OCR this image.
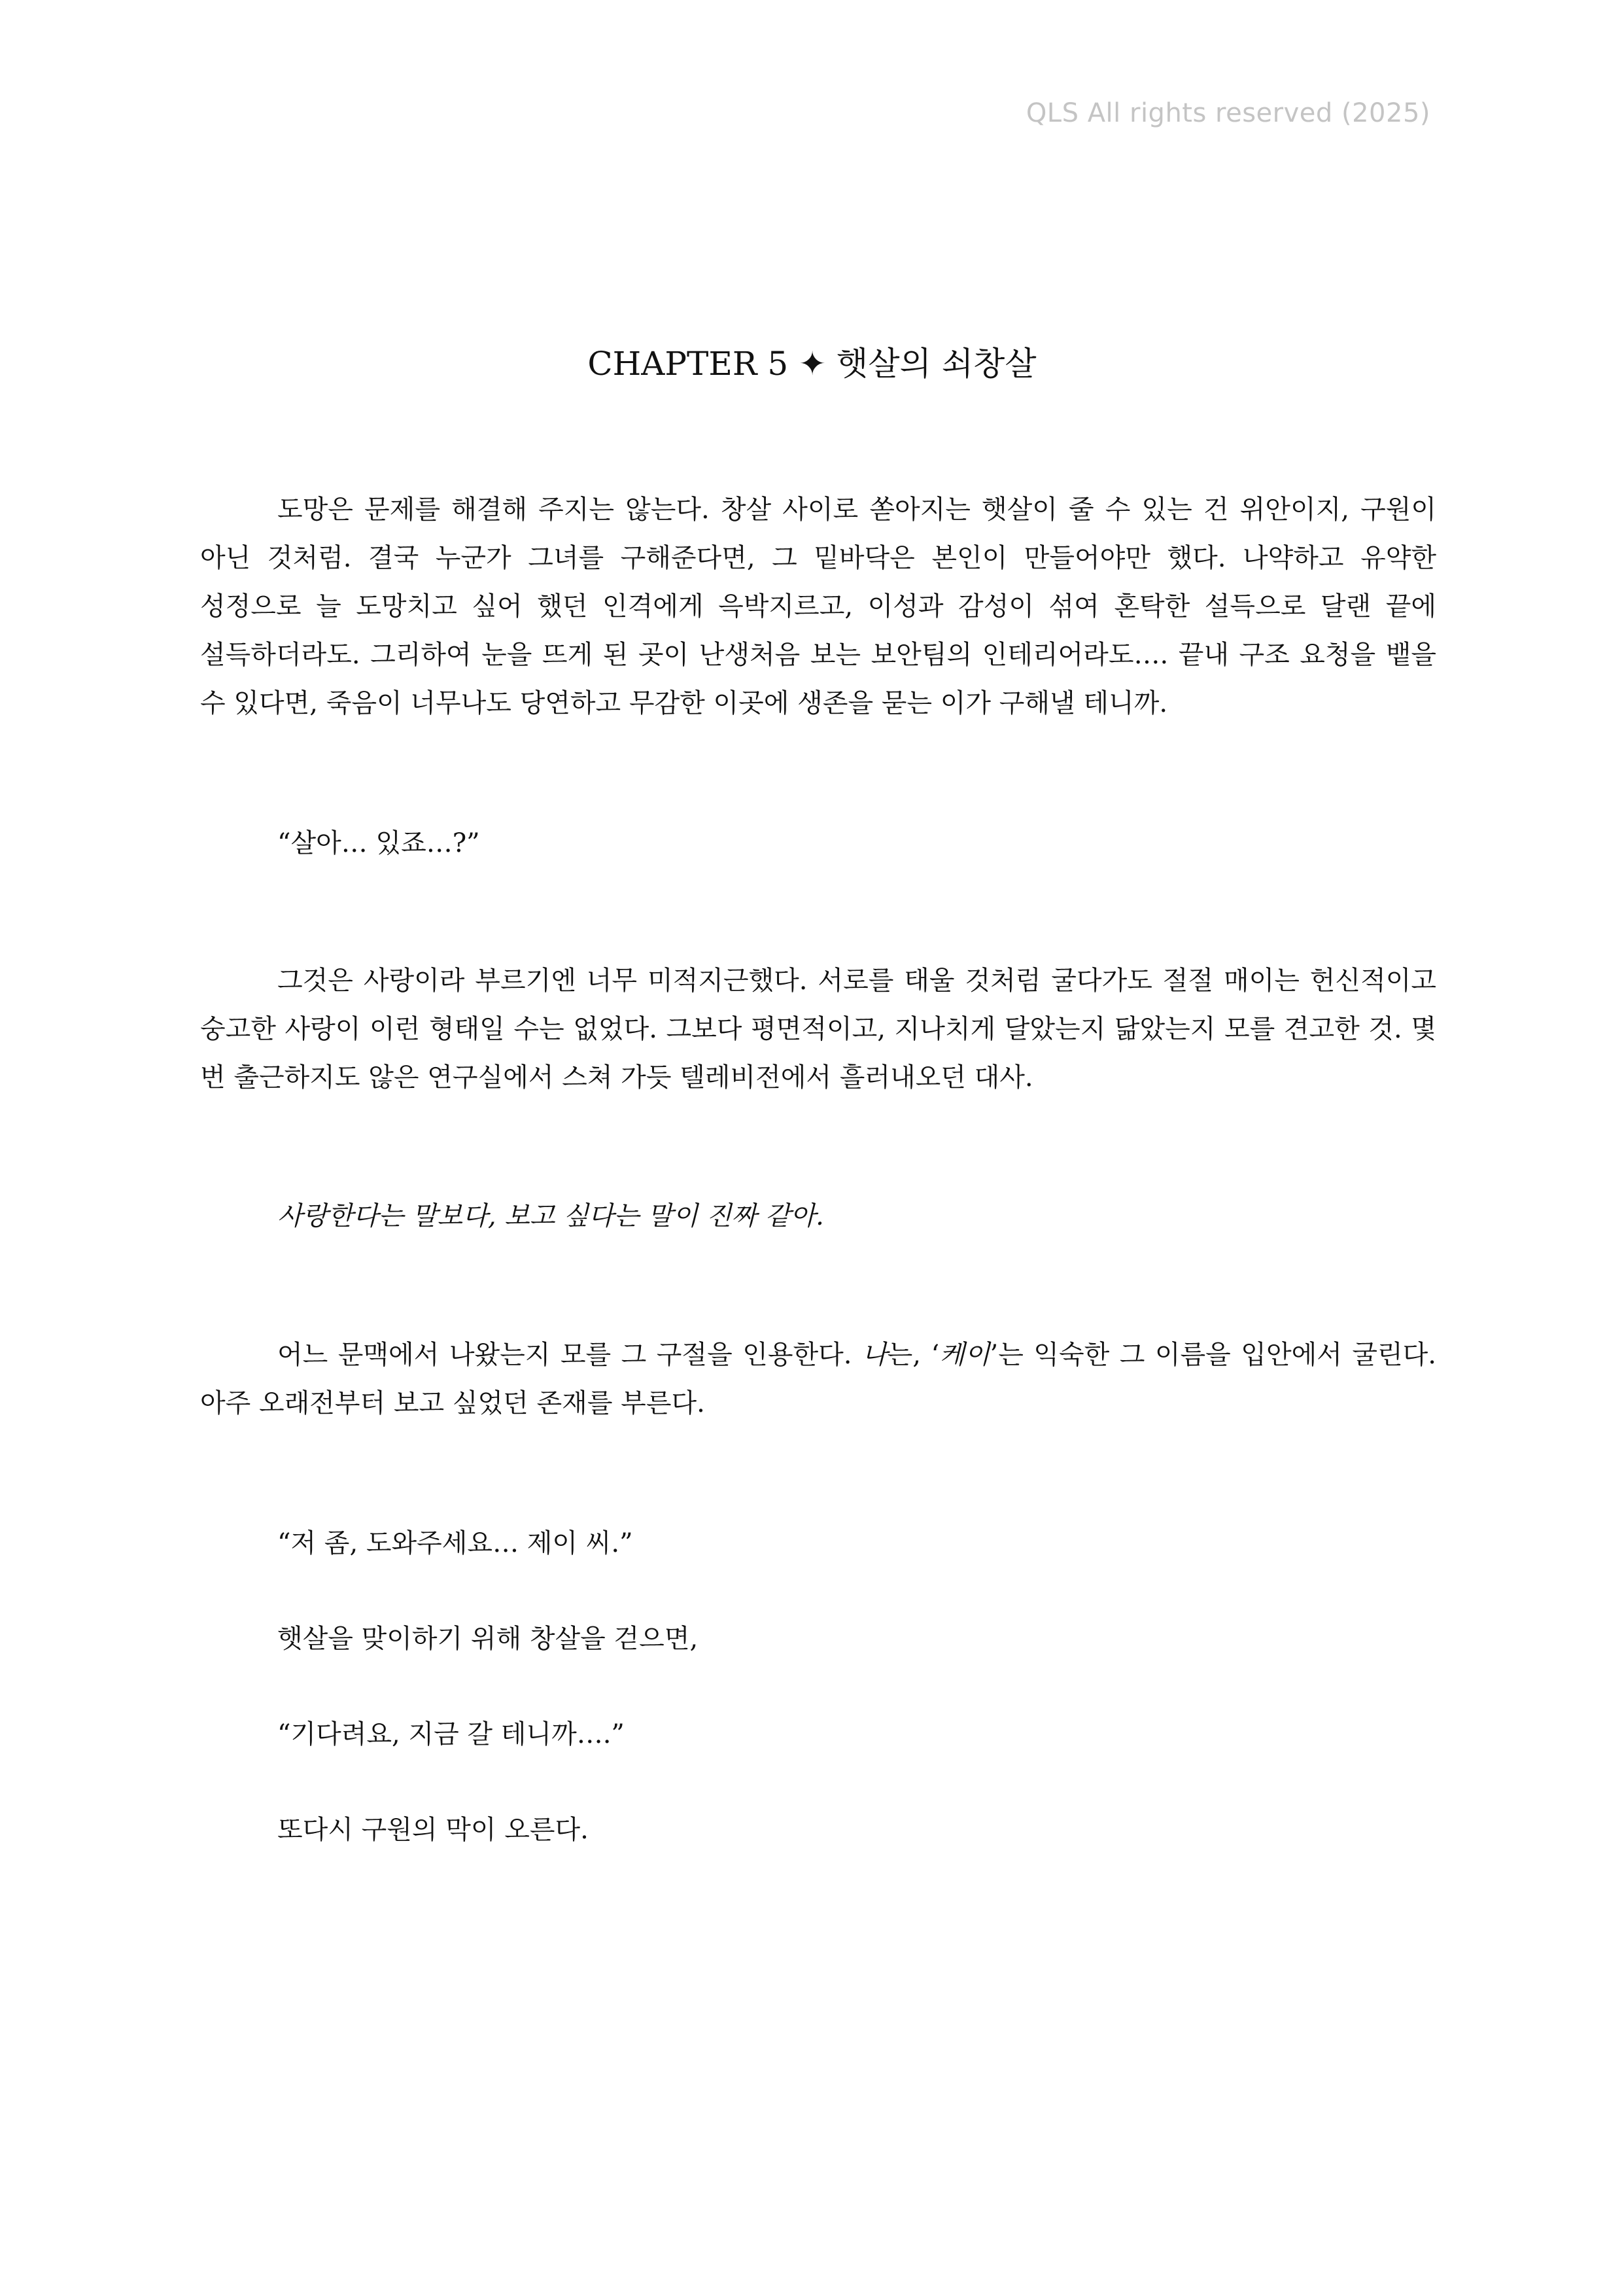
QLS All rights reserved (2025)
CHAPTER 5 ✦ 햇살의 쇠창살

도망은 문제를 해결해 주지는 않는다. 창살 사이로 쏟아지는 햇살이 줄 수 있는 건 위안이지, 구원이 아닌 것처럼. 결국 누군가 그녀를 구해준다면, 그 밑바닥은 본인이 만들어야만 했다. 나약하고 유약한 성정으로 늘 도망치고 싶어 했던 인격에게 윽박지르고, 이성과 감성이 섞여 혼탁한 설득으로 달랜 끝에 설득하더라도. 그리하여 눈을 뜨게 된 곳이 난생처음 보는 보안팀의 인테리어라도…. 끝내 구조 요청을 뱉을 수 있다면, 죽음이 너무나도 당연하고 무감한 이곳에 생존을 묻는 이가 구해낼 테니까.

“살아… 있죠…?”

그것은 사랑이라 부르기엔 너무 미적지근했다. 서로를 태울 것처럼 굴다가도 절절 매이는 헌신적이고 숭고한 사랑이 이런 형태일 수는 없었다. 그보다 평면적이고, 지나치게 달았는지 닮았는지 모를 견고한 것. 몇 번 출근하지도 않은 연구실에서 스쳐 가듯 텔레비전에서 흘러내오던 대사.

사랑한다는 말보다, 보고 싶다는 말이 진짜 같아.

어느 문맥에서 나왔는지 모를 그 구절을 인용한다. 나는, ‘케이’는 익숙한 그 이름을 입안에서 굴린다. 아주 오래전부터 보고 싶었던 존재를 부른다.

“저 좀, 도와주세요… 제이 씨.”

햇살을 맞이하기 위해 창살을 걷으면,

“기다려요, 지금 갈 테니까….”

또다시 구원의 막이 오른다.
